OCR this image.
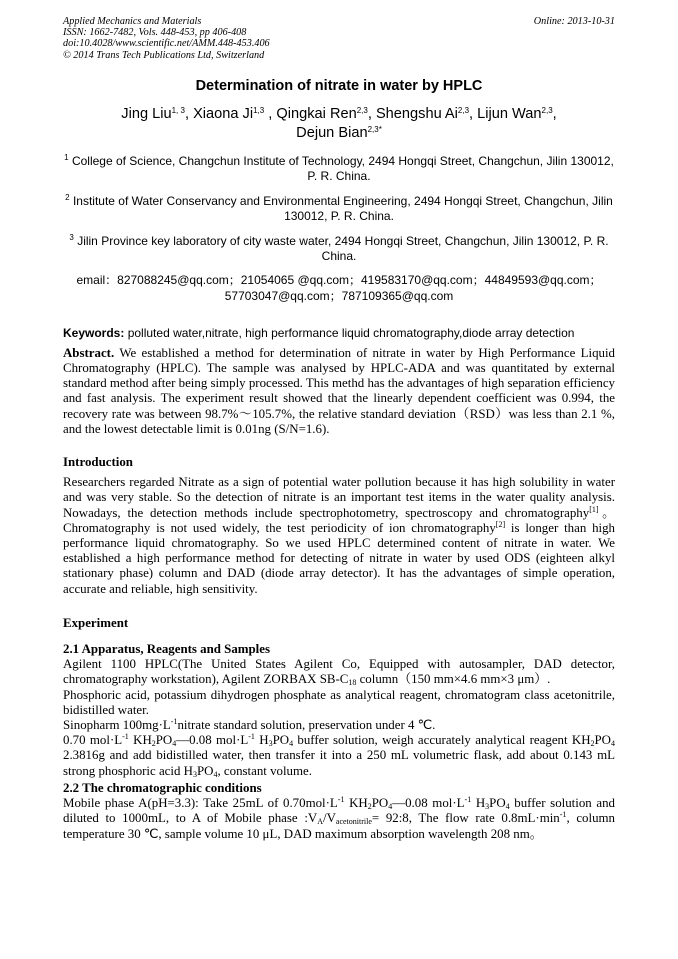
Applied Mechanics and Materials
ISSN: 1662-7482, Vols. 448-453, pp 406-408
doi:10.4028/www.scientific.net/AMM.448-453.406
© 2014 Trans Tech Publications Ltd, Switzerland
Online: 2013-10-31
Determination of nitrate in water by HPLC
Jing Liu$^{1, 3}$, Xiaona Ji$^{1,3}$ , Qingkai Ren$^{2,3}$, Shengshu Ai$^{2,3}$, Lijun Wan$^{2,3}$,
Dejun Bian$^{2,3*}$
$^1$ College of Science, Changchun Institute of Technology, 2494 Hongqi Street, Changchun, Jilin 130012, P. R. China.
$^2$ Institute of Water Conservancy and Environmental Engineering, 2494 Hongqi Street, Changchun, Jilin 130012, P. R. China.
$^3$ Jilin Province key laboratory of city waste water, 2494 Hongqi Street, Changchun, Jilin 130012, P. R. China.
email：827088245@qq.com；21054065 @qq.com；419583170@qq.com；44849593@qq.com；
57703047@qq.com；787109365@qq.com
Keywords: polluted water,nitrate, high performance liquid chromatography,diode array detection

Abstract. We established a method for determination of nitrate in water by High Performance Liquid Chromatography (HPLC). The sample was analysed by HPLC-ADA and was quantitated by external standard method after being simply processed. This methd has the advantages of high separation efficiency and fast analysis. The experiment result showed that the linearly dependent coefficient was 0.994, the recovery rate was between 98.7%～105.7%, the relative standard deviation（RSD）was less than 2.1 %, and the lowest detectable limit is 0.01ng (S/N=1.6).

Introduction

Researchers regarded Nitrate as a sign of potential water pollution because it has high solubility in water and was very stable. So the detection of nitrate is an important test items in the water quality analysis. Nowadays, the detection methods include spectrophotometry, spectroscopy and chromatography[1]。Chromatography is not used widely, the test periodicity of ion chromatography[2] is longer than high performance liquid chromatography. So we used HPLC determined content of nitrate in water. We established a high performance method for detecting of nitrate in water by used ODS (eighteen alkyl stationary phase) column and DAD (diode array detector). It has the advantages of simple operation, accurate and reliable, high sensitivity.

Experiment
2.1 Apparatus, Reagents and Samples

Agilent 1100 HPLC(The United States Agilent Co, Equipped with autosampler, DAD detector, chromatography workstation), Agilent ZORBAX $SB-C_{18}$ column（150 mm×4.6 mm×3 μm）.

Phosphoric acid, potassium dihydrogen phosphate as analytical reagent, chromatogram class acetonitrile, bidistilled water.

Sinopharm $100mg\cdot L^{-1}nitrate$ standard solution, preservation under 4 ℃.

0.70 $mol\cdot L^{-1}$ $KH_2PO_4—0.08$ $mol\cdot L^{-1}$ $H_3PO_4$ buffer solution, weigh accurately analytical reagent $KH_2PO_4$ 2.3816g and add bidistilled water, then transfer it into a 250 mL volumetric flask, add about 0.143 mL strong phosphoric acid $H_3PO_4$, constant volume.

2.2 The chromatographic conditions

Mobile phase A(pH=3.3): Take 25mL of $0.70mol\cdot L^{-1}$ $KH_2PO_4—0.08$ $mol\cdot L^{-1}$ $H_3PO_4$ buffer solution and diluted to 1000mL, to A of Mobile phase $:V_A/V_{acetonitrile}=$ 92:8, The flow rate $0.8mL\cdot\min^{-1}$, column temperature 30 ℃, sample volume 10 μL, DAD maximum absorption wavelength 208 nm。
